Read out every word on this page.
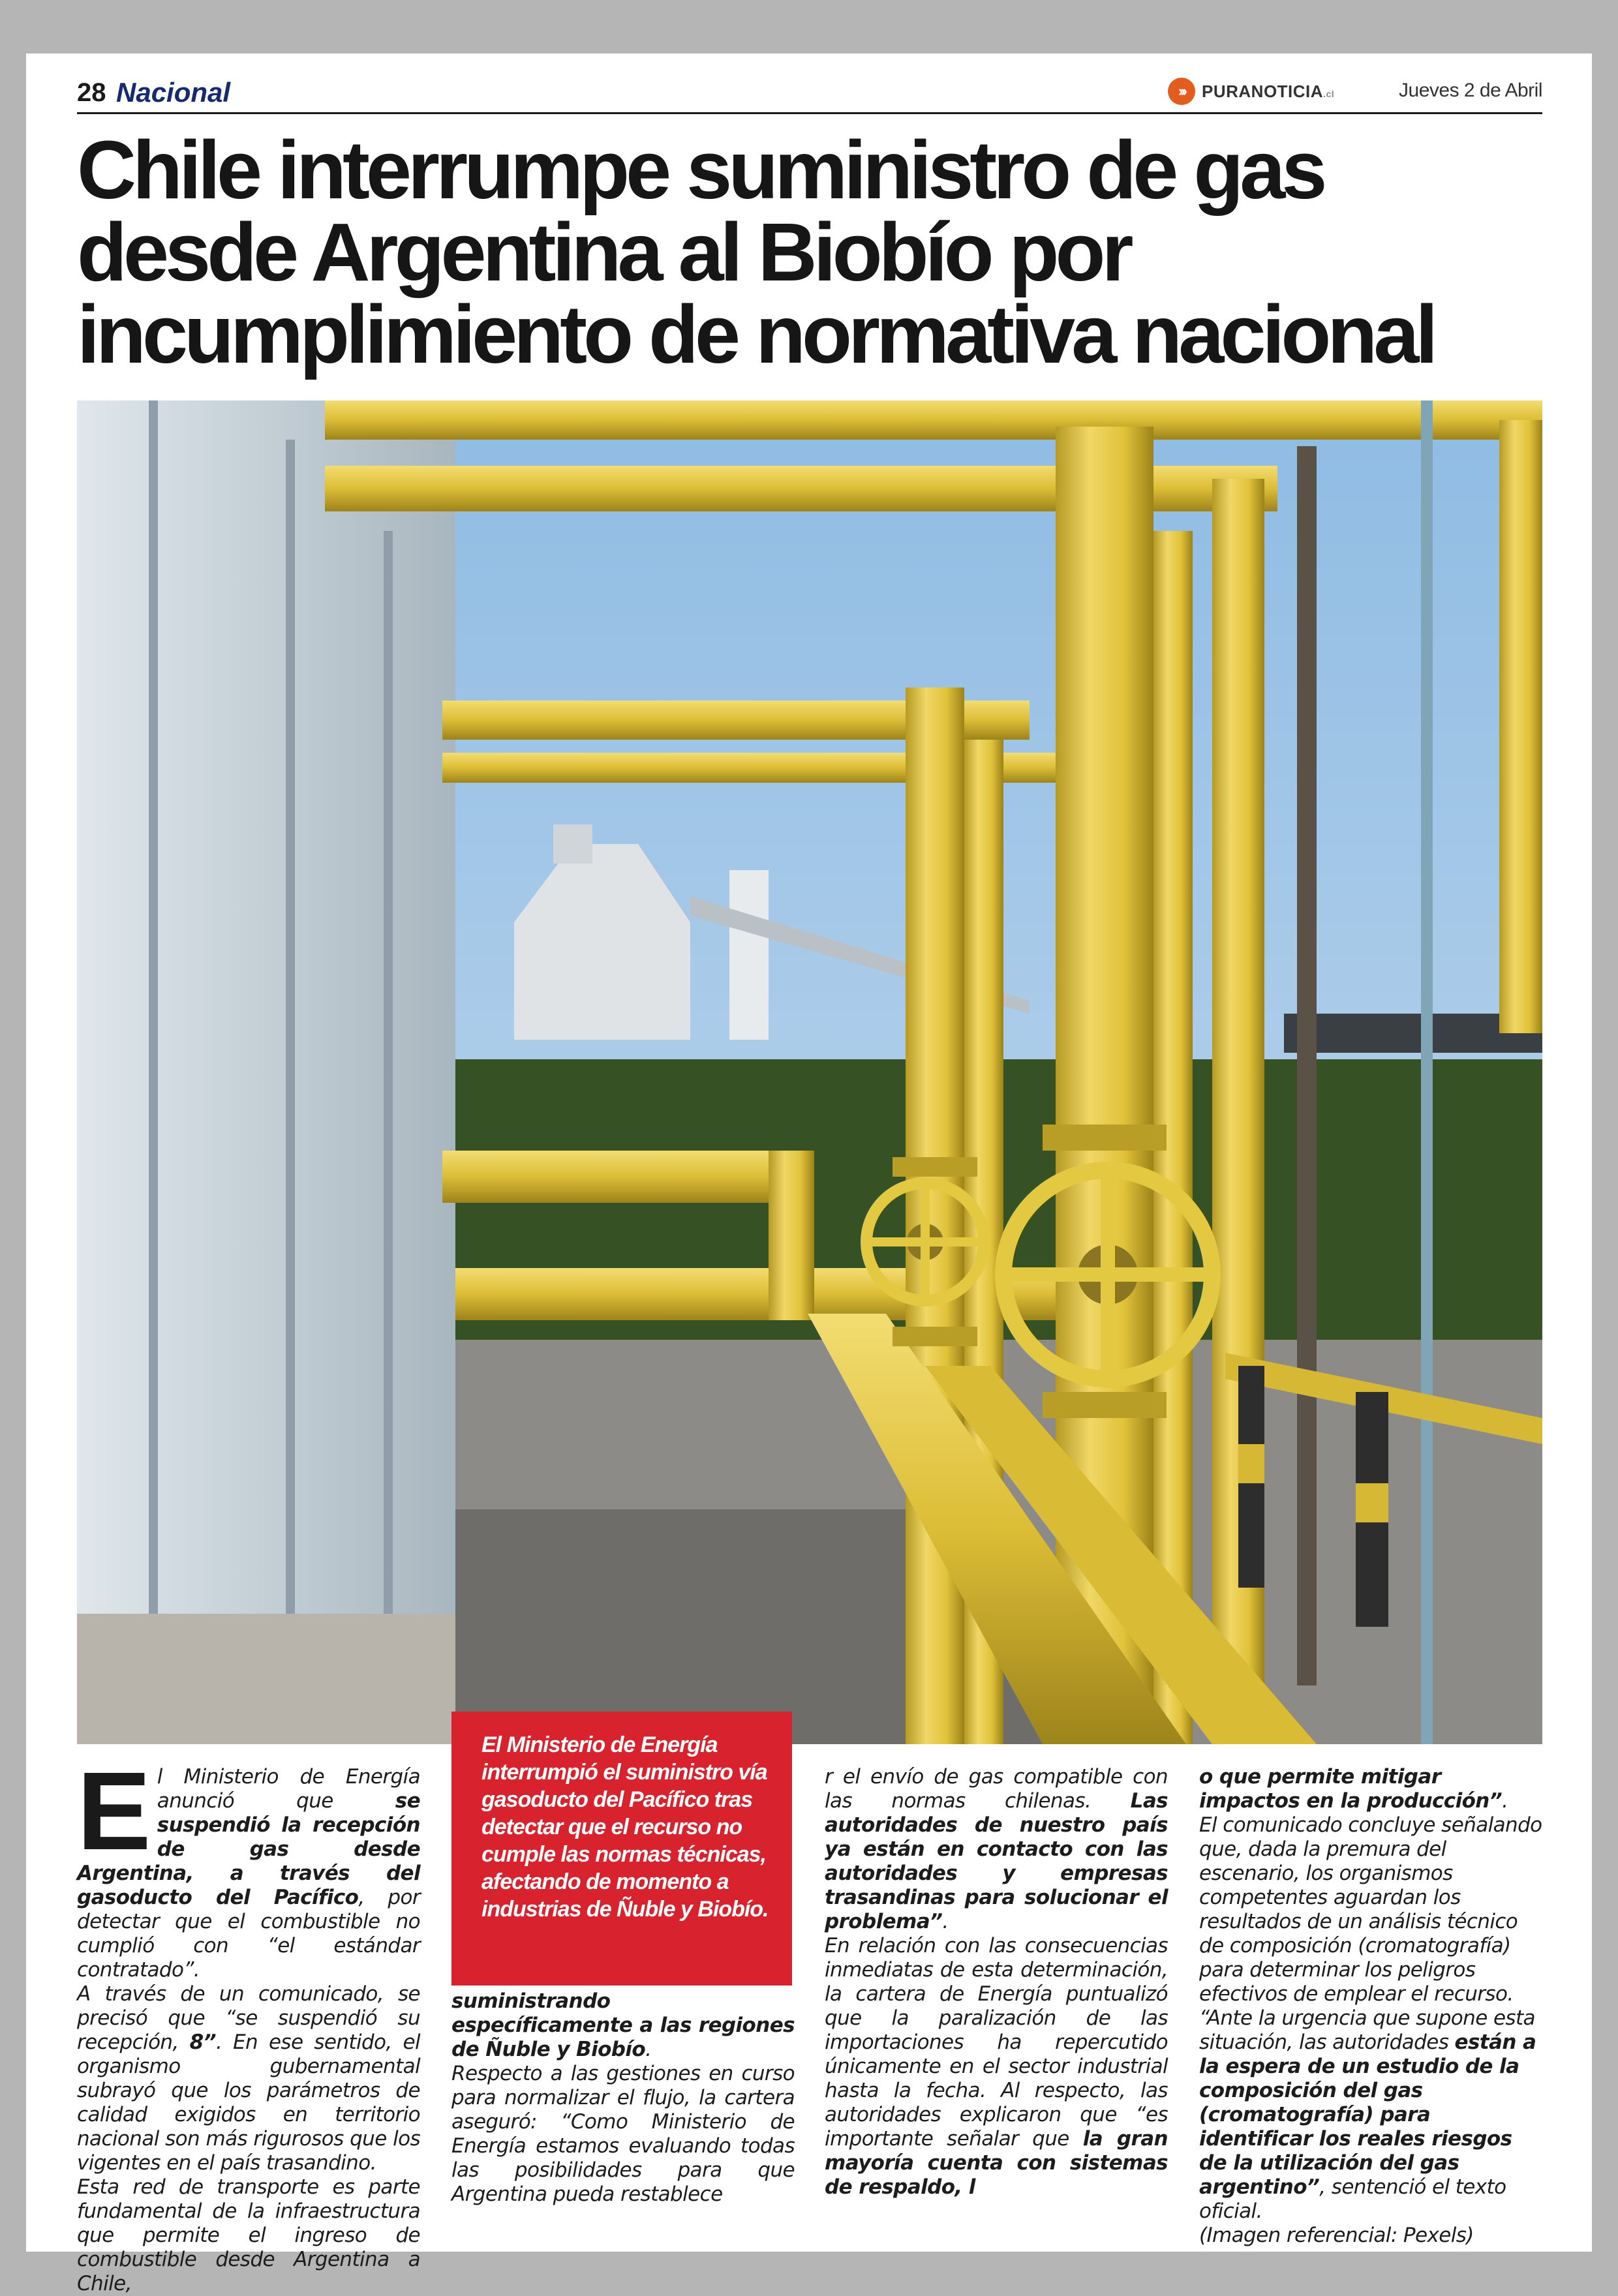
28 Nacional	›››	PURANOTICIA.cl	Jueves 2 de Abril
Chile interrumpe suministro de gas desde Argentina al Biobío por incumplimiento de normativa nacional

El Ministerio de Energía interrumpió el suministro vía gasoducto del Pacífico tras detectar que el recurso no cumple las normas técnicas, afectando de momento a industrias de Ñuble y Biobío.

El Ministerio de Energía anunció que se suspendió la recepción de gas desde Argentina, a través del gasoducto del Pacífico, por detectar que el combustible no cumplió con “el estándar contratado”.

A través de un comunicado, se precisó que “se suspendió su recepción, 8”. En ese sentido, el organismo gubernamental subrayó que los parámetros de calidad exigidos en territorio nacional son más rigurosos que los vigentes en el país trasandino.

Esta red de transporte es parte fundamental de la infraestructura que permite el ingreso de combustible desde Argentina a Chile,

suministrando específicamente a las regiones de Ñuble y Biobío.

Respecto a las gestiones en curso para normalizar el flujo, la cartera aseguró: “Como Ministerio de Energía estamos evaluando todas las posibilidades para que Argentina pueda restablece

r el envío de gas compatible con las normas chilenas. Las autoridades de nuestro país ya están en contacto con las autoridades y empresas trasandinas para solucionar el problema”.

En relación con las consecuencias inmediatas de esta determinación, la cartera de Energía puntualizó que la paralización de las importaciones ha repercutido únicamente en el sector industrial hasta la fecha. Al respecto, las autoridades explicaron que “es importante señalar que la gran mayoría cuenta con sistemas de respaldo, l

o que permite mitigar impactos en la producción”.

El comunicado concluye señalando que, dada la premura del escenario, los organismos competentes aguardan los resultados de un análisis técnico de composición (cromatografía) para determinar los peligros efectivos de emplear el recurso. “Ante la urgencia que supone esta situación, las autoridades están a la espera de un estudio de la composición del gas (cromatografía) para identificar los reales riesgos de la utilización del gas argentino”, sentenció el texto oficial.

(Imagen referencial: Pexels)
